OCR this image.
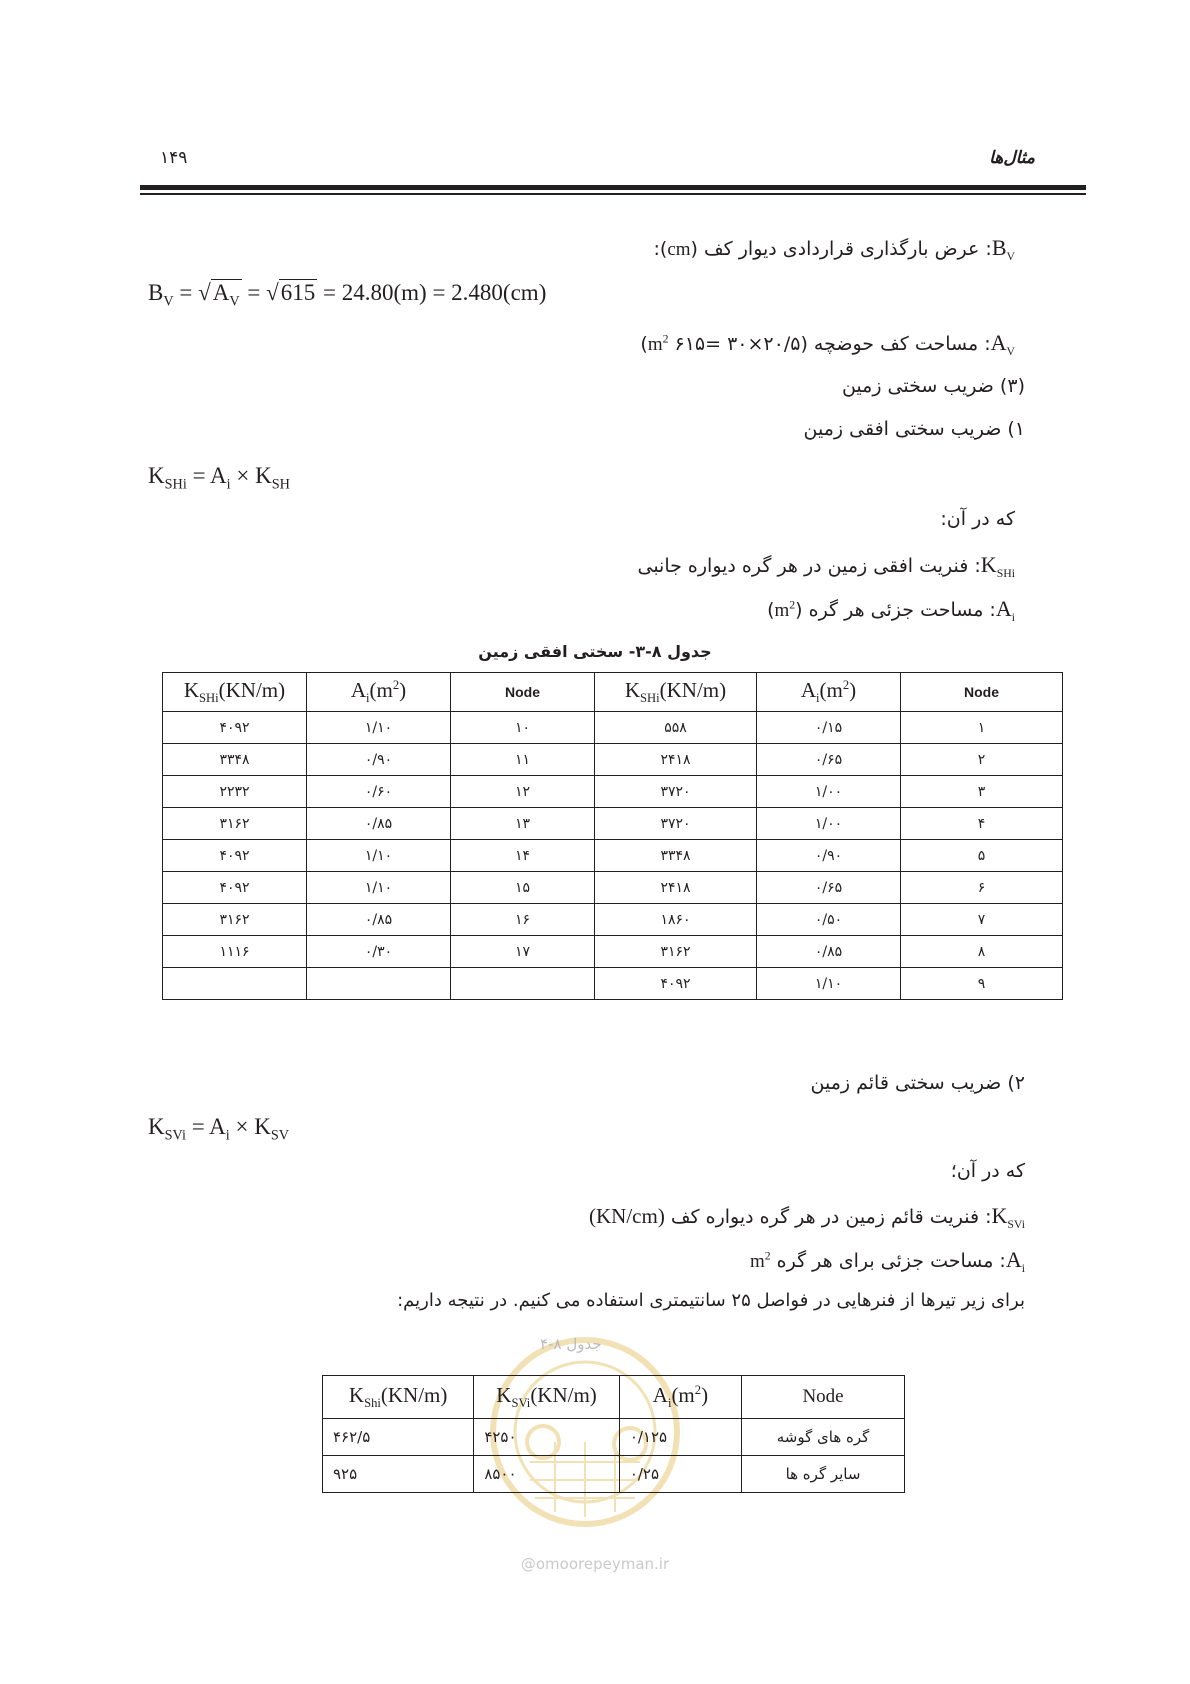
۱۴۹	مثال‌ها
$B_V$: عرض بارگذاری قراردادی دیوار کف (cm):
$B_V = √A_V = √615 = 24.80(m) = 2.480(cm)$
$A_V$: مساحت کف حوضچه ($m^2$ ۶۱۵= ۳۰×۲۰/۵)
(۳) ضریب سختی زمین
۱) ضریب سختی افقی زمین
$K_{SHi} = A_i \times K_{SH}$
که در آن:
$K_{SHi}$: فنریت افقی زمین در هر گره دیواره جانبی
$A_i$: مساحت جزئی هر گره $(m^2)$
جدول ۸-۳- سختی افقی زمین
$K_{SHi}(KN/m)$	$A_i(m^2)$	Node	$K_{SHi}(KN/m)$	$A_i(m^2)$	Node
۴۰۹۲	۱/۱۰	۱۰	۵۵۸	۰/۱۵	۱
۳۳۴۸	۰/۹۰	۱۱	۲۴۱۸	۰/۶۵	۲
۲۲۳۲	۰/۶۰	۱۲	۳۷۲۰	۱/۰۰	۳
۳۱۶۲	۰/۸۵	۱۳	۳۷۲۰	۱/۰۰	۴
۴۰۹۲	۱/۱۰	۱۴	۳۳۴۸	۰/۹۰	۵
۴۰۹۲	۱/۱۰	۱۵	۲۴۱۸	۰/۶۵	۶
۳۱۶۲	۰/۸۵	۱۶	۱۸۶۰	۰/۵۰	۷
۱۱۱۶	۰/۳۰	۱۷	۳۱۶۲	۰/۸۵	۸
			۴۰۹۲	۱/۱۰	۹
۲) ضریب سختی قائم زمین
$K_{SVi} = A_i \times K_{SV}$
که در آن؛
$K_{SVi}$: فنریت قائم زمین در هر گره دیواره کف (KN/cm)
$A_i$: مساحت جزئی برای هر گره $m^2$
برای زیر تیرها از فنرهایی در فواصل ۲۵ سانتیمتری استفاده می کنیم. در نتیجه داریم:
جدول ۸-۴
$K_{Shi}(KN/m)$	$K_{SVi}(KN/m)$	$A_i(m^2)$	Node
۴۶۲/۵	۴۲۵۰	۰/۱۲۵	گره های گوشه
۹۲۵	۸۵۰۰	۰/۲۵	سایر گره ها
@omoorepeyman.ir
